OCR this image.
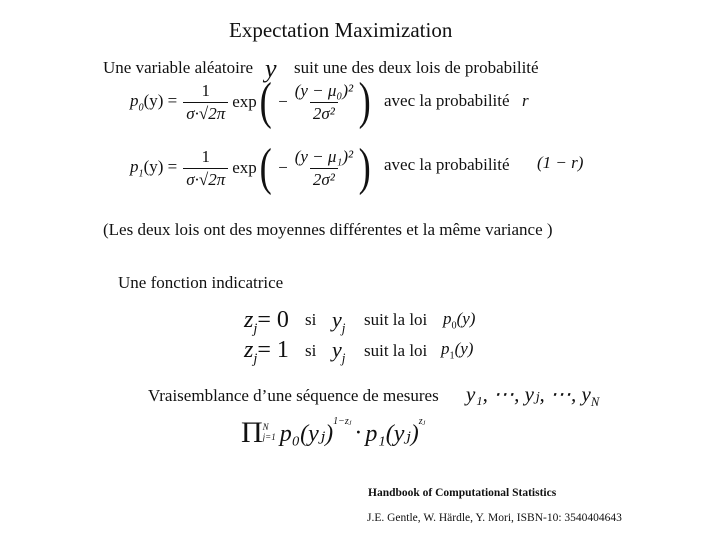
Expectation Maximization
Une variable aléatoire y suit une des deux lois de probabilité
$p_0(y) = \frac{1}{\sigma\cdot√2\pi}$ exp ( − $\frac{\text{(y − μ₀)²}}{\text{2σ²}}$ ) avec la probabilité r
$p_1(y) = \frac{1}{\sigma\cdot√2\pi}$ exp ( − $\frac{\text{(y − μ₁)²}}{\text{2σ²}}$ ) avec la probabilité (1 − r)
(Les deux lois ont des moyennes différentes et la même variance )
Une fonction indicatrice
$z_j= 0$ si $y_j$ suit la loi $p_0(y)$
$z_j= 1$ si $y_j$ suit la loi $p_1(y)$
Vraisemblance d’une séquence de mesures y₁, ⋯, yⱼ, ⋯, $y_N$
Π N
j=1 p₀(yⱼ)$^{1-zⱼ}$ · p₁(yⱼ)$^{zⱼ}$
Handbook of Computational Statistics
J.E. Gentle, W. Härdle, Y. Mori, ISBN-10: 3540404643
